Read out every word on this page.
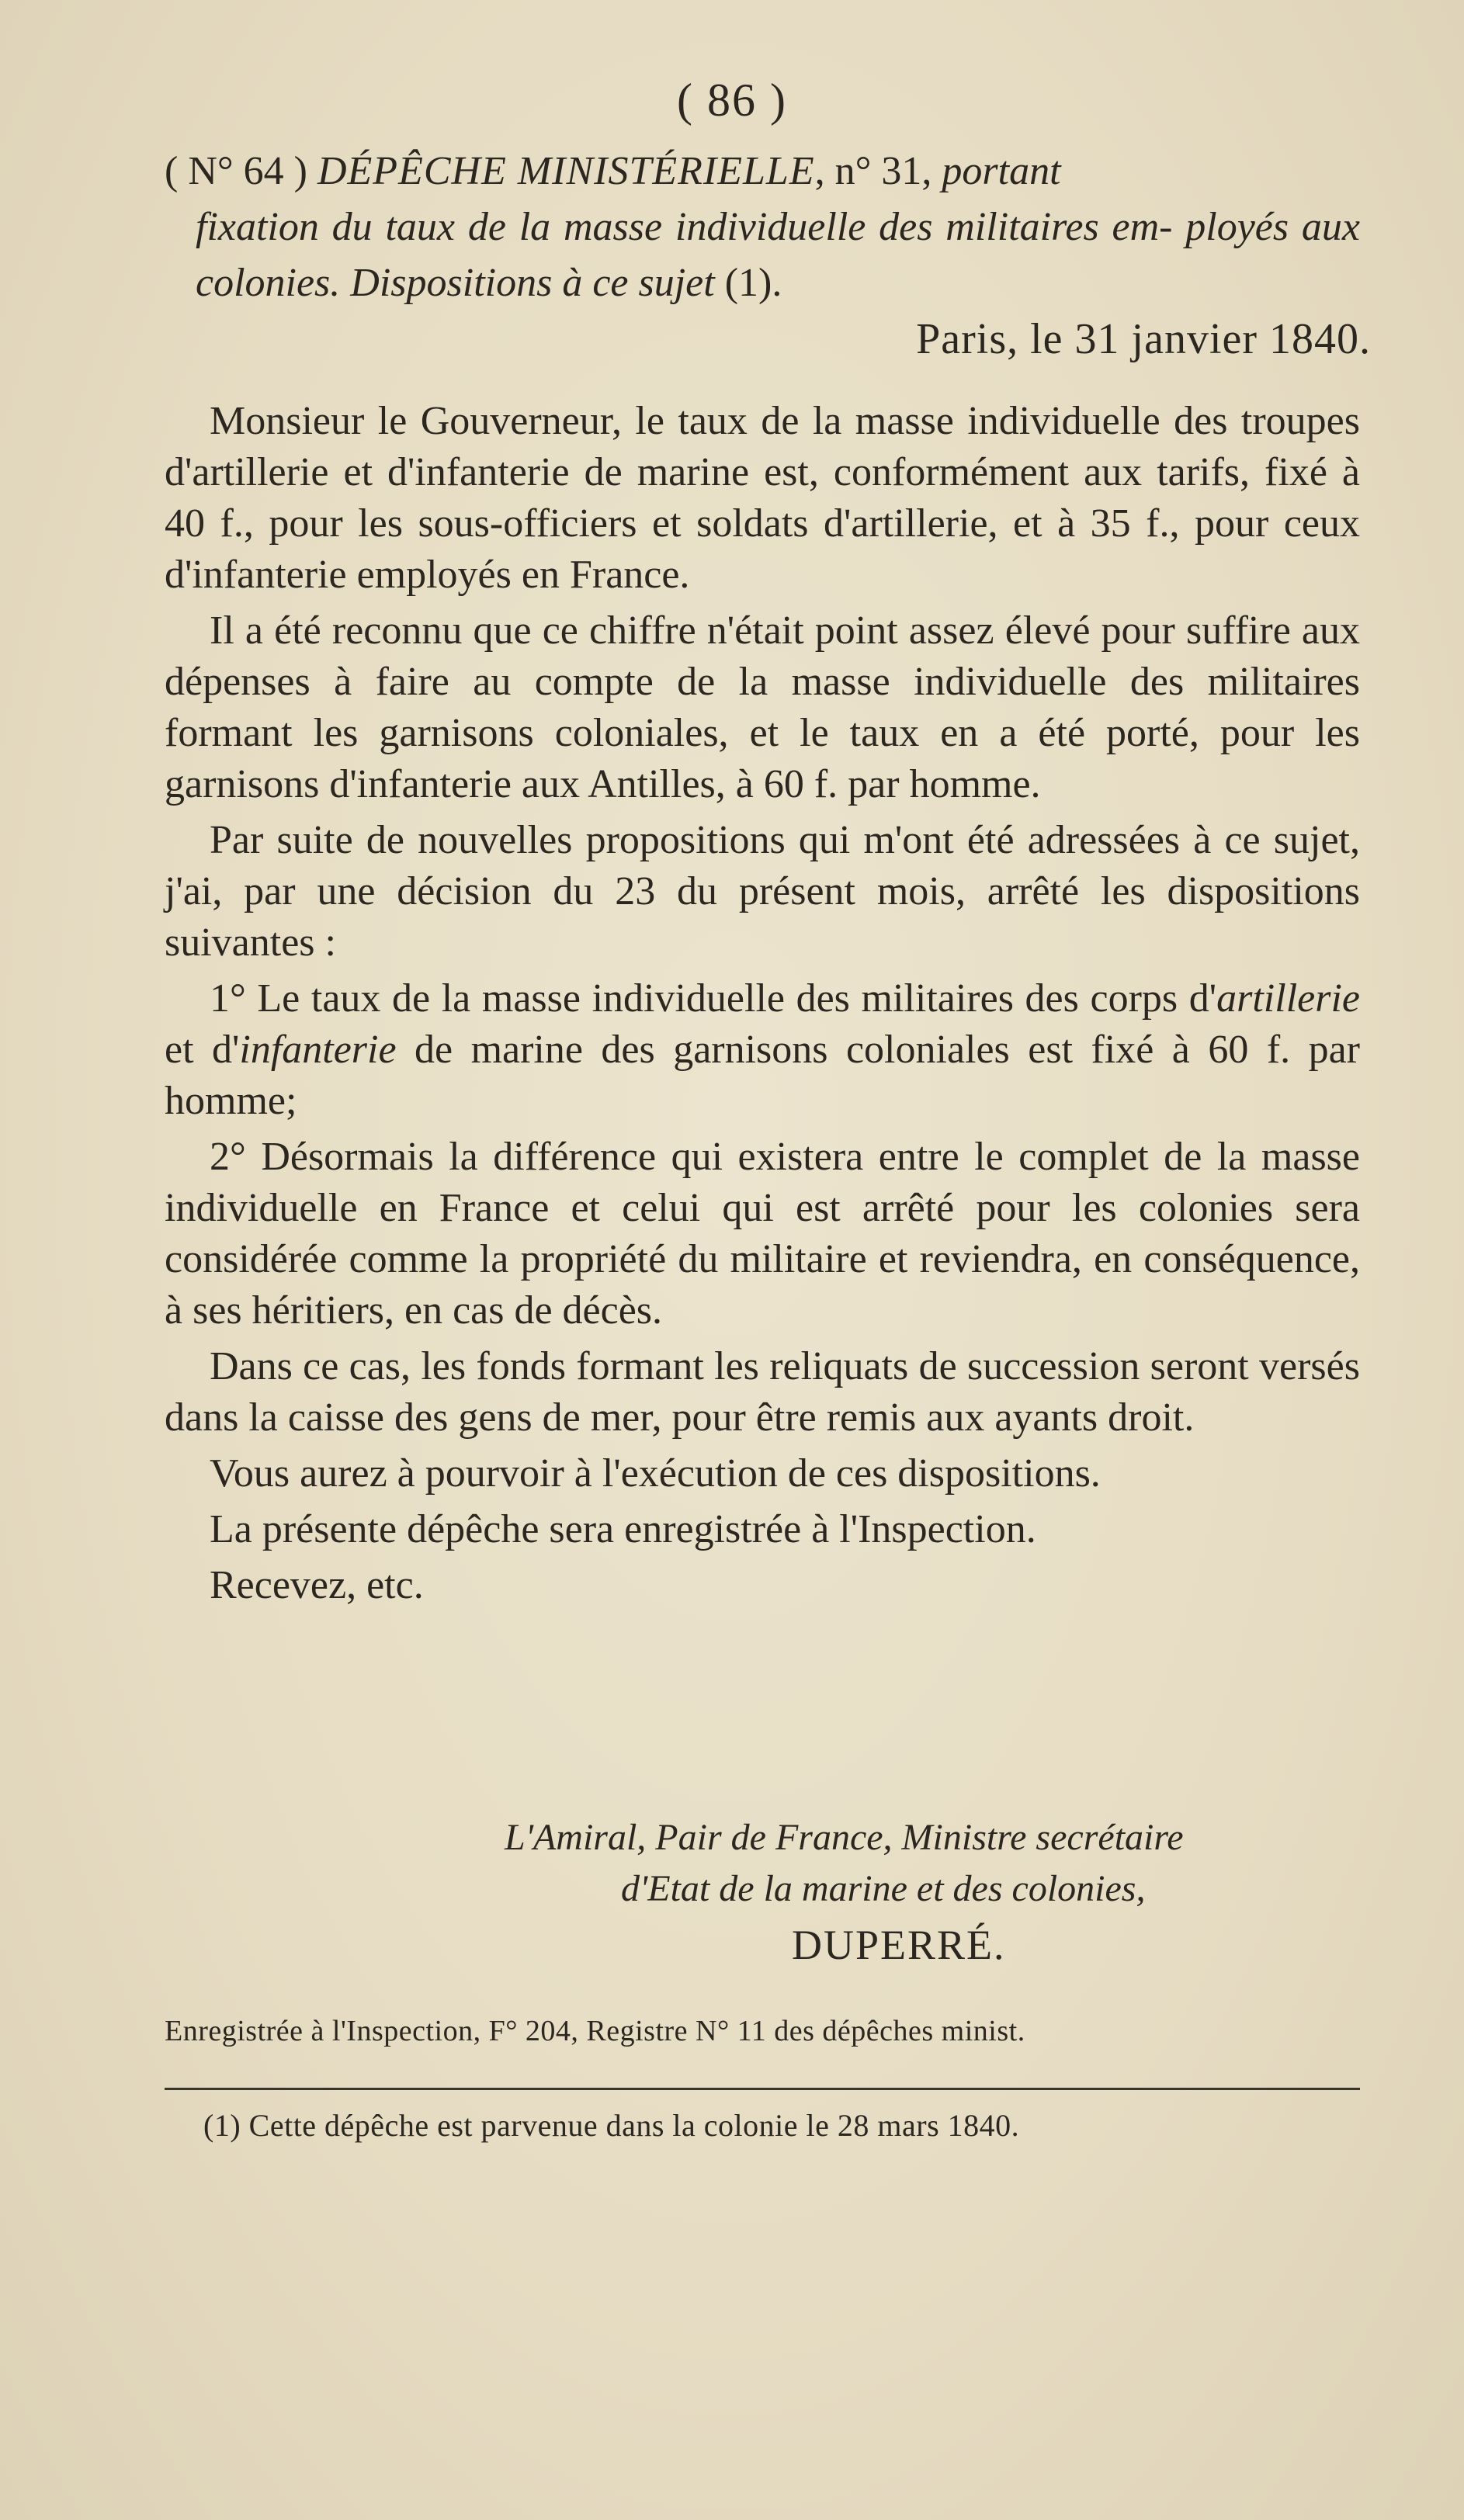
( 86 )
( N° 64 ) DÉPÊCHE MINISTÉRIELLE, n° 31, portant
fixation du taux de la masse individuelle des militaires em- ployés aux colonies. Dispositions à ce sujet (1).
Paris, le 31 janvier 1840.

Monsieur le Gouverneur, le taux de la masse individuelle des troupes d'artillerie et d'infanterie de marine est, conformément aux tarifs, fixé à 40 f., pour les sous-officiers et soldats d'artillerie, et à 35 f., pour ceux d'infanterie employés en France.

Il a été reconnu que ce chiffre n'était point assez élevé pour suffire aux dépenses à faire au compte de la masse individuelle des militaires formant les garnisons coloniales, et le taux en a été porté, pour les garnisons d'infanterie aux Antilles, à 60 f. par homme.

Par suite de nouvelles propositions qui m'ont été adressées à ce sujet, j'ai, par une décision du 23 du présent mois, arrêté les dispositions suivantes :

1° Le taux de la masse individuelle des militaires des corps d'artillerie et d'infanterie de marine des garnisons coloniales est fixé à 60 f. par homme;

2° Désormais la différence qui existera entre le complet de la masse individuelle en France et celui qui est arrêté pour les colonies sera considérée comme la propriété du militaire et reviendra, en conséquence, à ses héritiers, en cas de décès.

Dans ce cas, les fonds formant les reliquats de succession seront versés dans la caisse des gens de mer, pour être remis aux ayants droit.

Vous aurez à pourvoir à l'exécution de ces dispositions.

La présente dépêche sera enregistrée à l'Inspection.

Recevez, etc.

L'Amiral, Pair de France, Ministre secrétaire
d'Etat de la marine et des colonies,
DUPERRÉ.
Enregistrée à l'Inspection, F° 204, Registre N° 11 des dépêches minist.
(1) Cette dépêche est parvenue dans la colonie le 28 mars 1840.
